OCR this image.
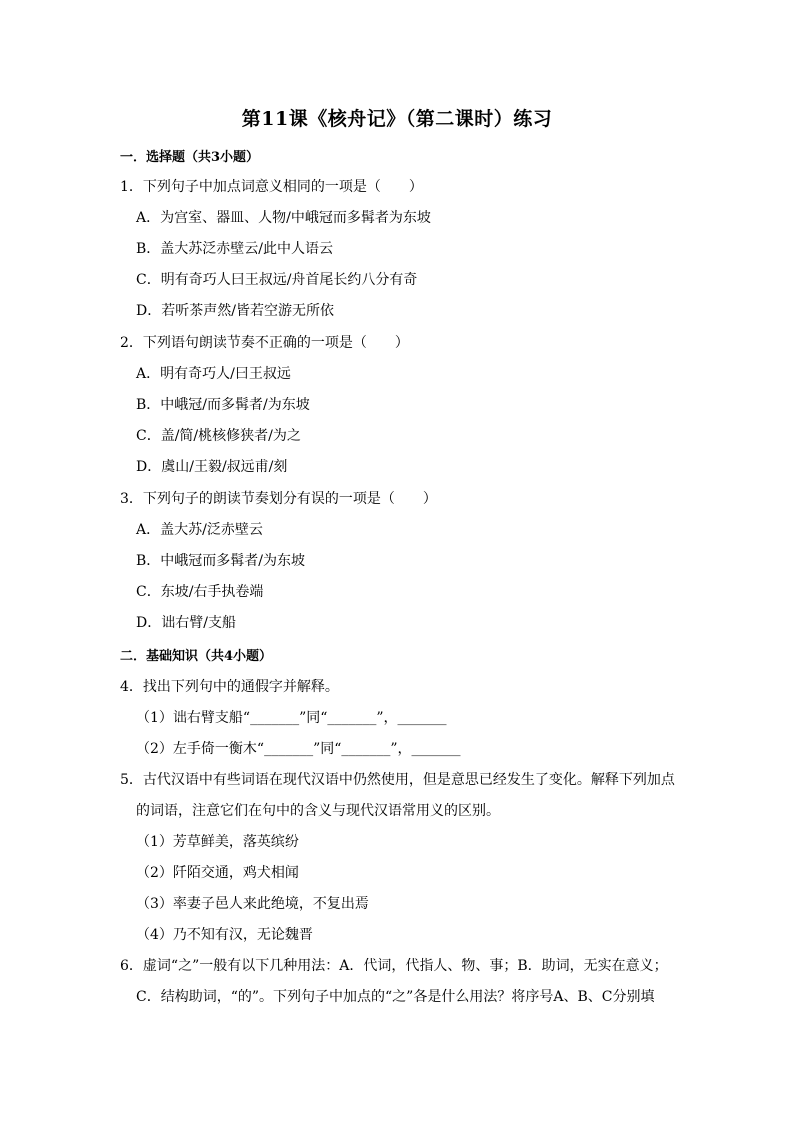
第11课《核舟记》（第二课时）练习
一．选择题（共3小题）
1．下列句子中加点词意义相同的一项是（　　）
A．为宫室、器皿、人物/中峨冠而多髯者为东坡
B．盖大苏泛赤壁云/此中人语云
C．明有奇巧人曰王叔远/舟首尾长约八分有奇
D．若听茶声然/皆若空游无所依
2．下列语句朗读节奏不正确的一项是（　　）
A．明有奇巧人/曰王叔远
B．中峨冠/而多髯者/为东坡
C．盖/简/桃核修狭者/为之
D．虞山/王毅/叔远甫/刻
3．下列句子的朗读节奏划分有误的一项是（　　）
A．盖大苏/泛赤壁云
B．中峨冠而多髯者/为东坡
C．东坡/右手执卷端
D．诎右臂/支船
二．基础知识（共4小题）
4．找出下列句中的通假字并解释。
（1）诎右臂支船“_______”同“_______”，_______
（2）左手倚一衡木“_______”同“_______”，_______
5．古代汉语中有些词语在现代汉语中仍然使用，但是意思已经发生了变化。解释下列加点
的词语，注意它们在句中的含义与现代汉语常用义的区别。
（1）芳草鲜美，落英缤纷
（2）阡陌交通，鸡犬相闻
（3）率妻子邑人来此绝境，不复出焉
（4）乃不知有汉，无论魏晋
6．虚词“之”一般有以下几种用法：A．代词，代指人、物、事；B．助词，无实在意义；
C．结构助词，“的”。下列句子中加点的“之”各是什么用法？将序号A、B、C分别填
